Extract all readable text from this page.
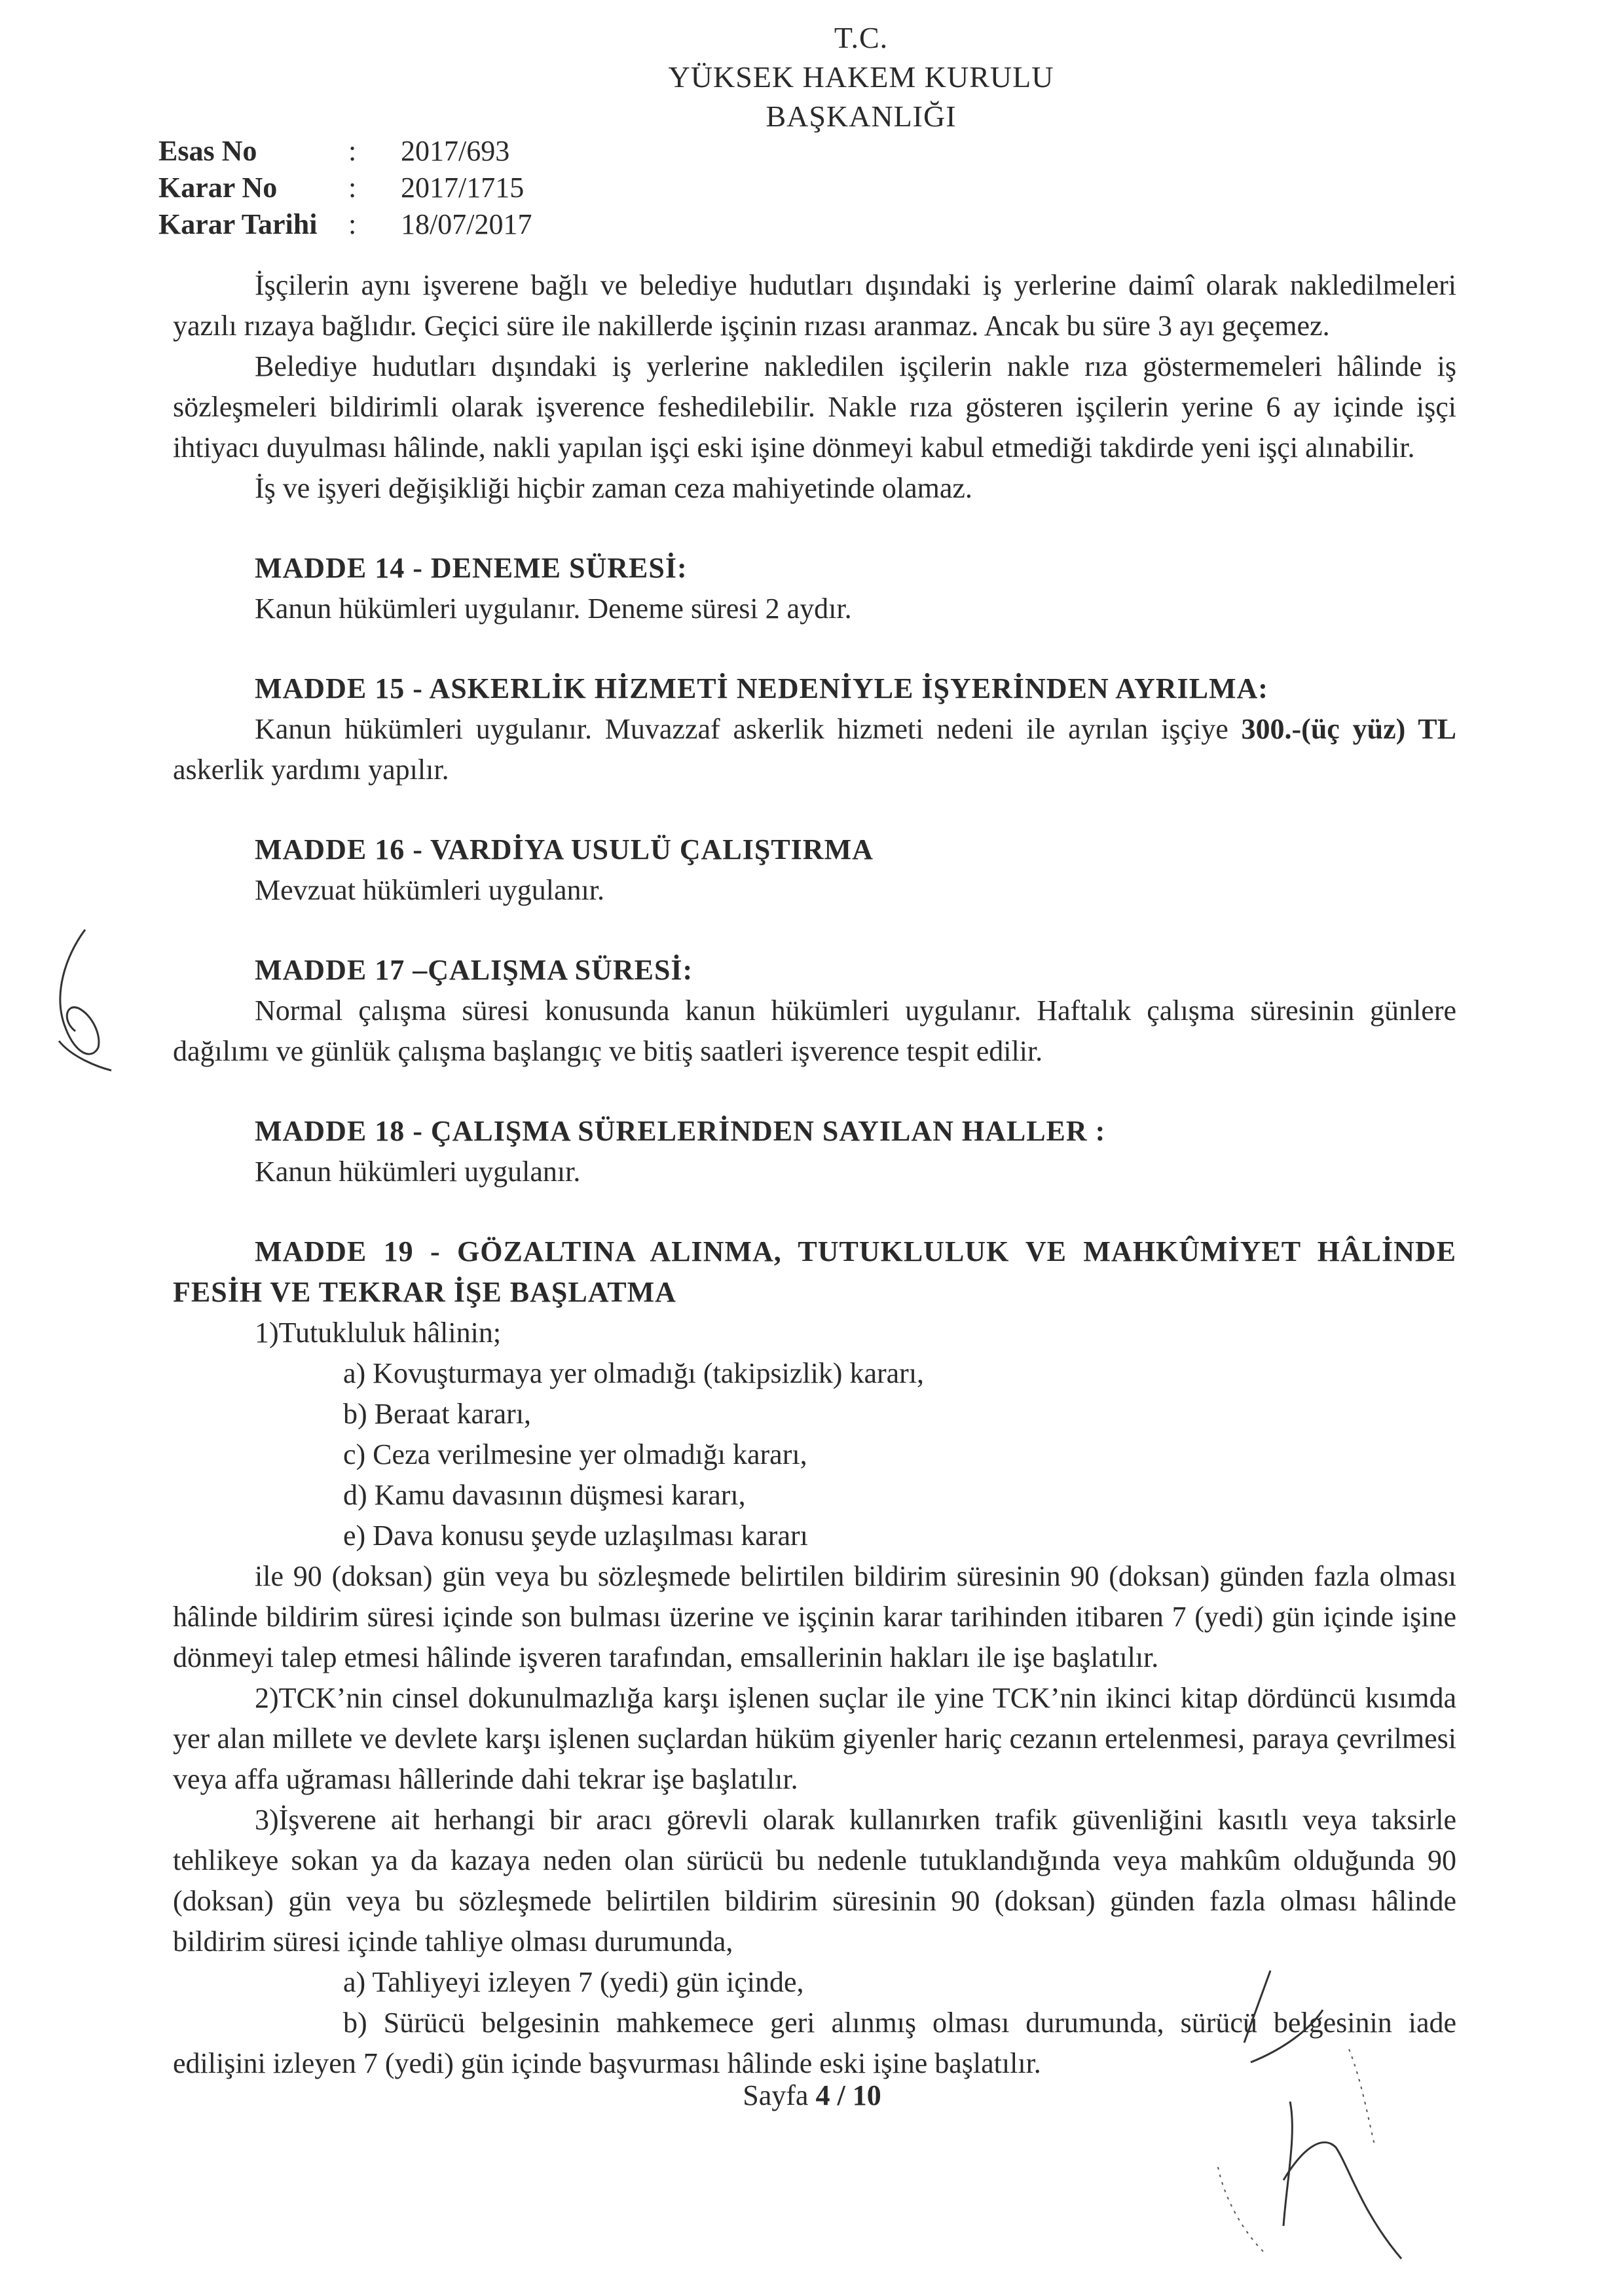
T.C.
YÜKSEK HAKEM KURULU
BAŞKANLIĞI
Esas No	: 2017/693
Karar No	: 2017/1715
Karar Tarihi	: 18/07/2017

İşçilerin aynı işverene bağlı ve belediye hudutları dışındaki iş yerlerine daimî olarak nakledilmeleri yazılı rızaya bağlıdır. Geçici süre ile nakillerde işçinin rızası aranmaz. Ancak bu süre 3 ayı geçemez.

Belediye hudutları dışındaki iş yerlerine nakledilen işçilerin nakle rıza göstermemeleri hâlinde iş sözleşmeleri bildirimli olarak işverence feshedilebilir. Nakle rıza gösteren işçilerin yerine 6 ay içinde işçi ihtiyacı duyulması hâlinde, nakli yapılan işçi eski işine dönmeyi kabul etmediği takdirde yeni işçi alınabilir.

İş ve işyeri değişikliği hiçbir zaman ceza mahiyetinde olamaz.

MADDE 14 - DENEME SÜRESİ:

Kanun hükümleri uygulanır. Deneme süresi 2 aydır.

MADDE 15 - ASKERLİK HİZMETİ NEDENİYLE İŞYERİNDEN AYRILMA:

Kanun hükümleri uygulanır. Muvazzaf askerlik hizmeti nedeni ile ayrılan işçiye 300.-(üç yüz) TL askerlik yardımı yapılır.

MADDE 16 - VARDİYA USULÜ ÇALIŞTIRMA

Mevzuat hükümleri uygulanır.

MADDE 17 –ÇALIŞMA SÜRESİ:

Normal çalışma süresi konusunda kanun hükümleri uygulanır. Haftalık çalışma süresinin günlere dağılımı ve günlük çalışma başlangıç ve bitiş saatleri işverence tespit edilir.

MADDE 18 - ÇALIŞMA SÜRELERİNDEN SAYILAN HALLER :

Kanun hükümleri uygulanır.

MADDE 19 - GÖZALTINA ALINMA, TUTUKLULUK VE MAHKÛMİYET HÂLİNDE FESİH VE TEKRAR İŞE BAŞLATMA

1)Tutukluluk hâlinin;

a) Kovuşturmaya yer olmadığı (takipsizlik) kararı,

b) Beraat kararı,

c) Ceza verilmesine yer olmadığı kararı,

d) Kamu davasının düşmesi kararı,

e) Dava konusu şeyde uzlaşılması kararı

ile 90 (doksan) gün veya bu sözleşmede belirtilen bildirim süresinin 90 (doksan) günden fazla olması hâlinde bildirim süresi içinde son bulması üzerine ve işçinin karar tarihinden itibaren 7 (yedi) gün içinde işine dönmeyi talep etmesi hâlinde işveren tarafından, emsallerinin hakları ile işe başlatılır.

2)TCK’nin cinsel dokunulmazlığa karşı işlenen suçlar ile yine TCK’nin ikinci kitap dördüncü kısımda yer alan millete ve devlete karşı işlenen suçlardan hüküm giyenler hariç cezanın ertelenmesi, paraya çevrilmesi veya affa uğraması hâllerinde dahi tekrar işe başlatılır.

3)İşverene ait herhangi bir aracı görevli olarak kullanırken trafik güvenliğini kasıtlı veya taksirle tehlikeye sokan ya da kazaya neden olan sürücü bu nedenle tutuklandığında veya mahkûm olduğunda 90 (doksan) gün veya bu sözleşmede belirtilen bildirim süresinin 90 (doksan) günden fazla olması hâlinde bildirim süresi içinde tahliye olması durumunda,

a) Tahliyeyi izleyen 7 (yedi) gün içinde,

b) Sürücü belgesinin mahkemece geri alınmış olması durumunda, sürücü belgesinin iade edilişini izleyen 7 (yedi) gün içinde başvurması hâlinde eski işine başlatılır.

Sayfa 4 / 10
